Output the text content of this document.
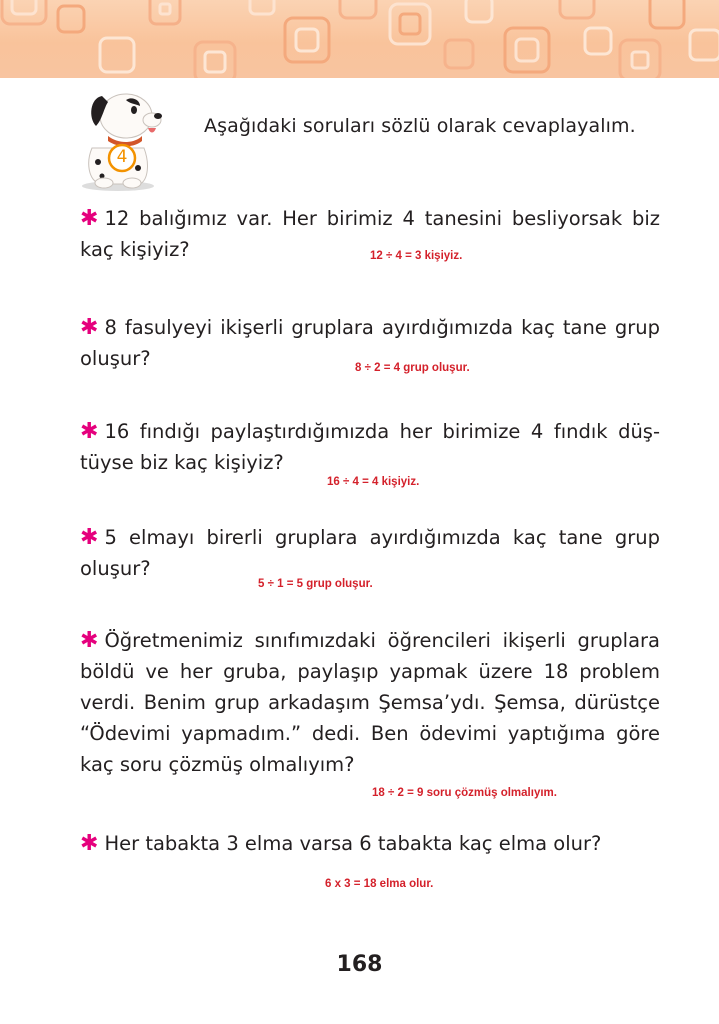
4
Aşağıdaki soruları sözlü olarak cevaplayalım.
✱ 12 balığımız var. Her birimiz 4 tanesini besliyorsak biz kaç kişiyiz?	12 ÷ 4 = 3 kişiyiz.
✱ 8 fasulyeyi ikişerli gruplara ayırdığımızda kaç tane grup oluşur?	8 ÷ 2 = 4 grup oluşur.
✱ 16 fındığı paylaştırdığımızda her birimize 4 fındık düş- tüyse biz kaç kişiyiz?
16 ÷ 4 = 4 kişiyiz.
✱ 5 elmayı birerli gruplara ayırdığımızda kaç tane grup oluşur?
5 ÷ 1 = 5 grup oluşur.
✱ Öğretmenimiz sınıfımızdaki öğrencileri ikişerli gruplara böldü ve her gruba, paylaşıp yapmak üzere 18 problem verdi. Benim grup arkadaşım Şemsa’ydı. Şemsa, dürüstçe “Ödevimi yapmadım.” dedi. Ben ödevimi yaptığıma göre kaç soru çözmüş olmalıyım?
18 ÷ 2 = 9 soru çözmüş olmalıyım.
✱ Her tabakta 3 elma varsa 6 tabakta kaç elma olur?
6 x 3 = 18 elma olur.
168
